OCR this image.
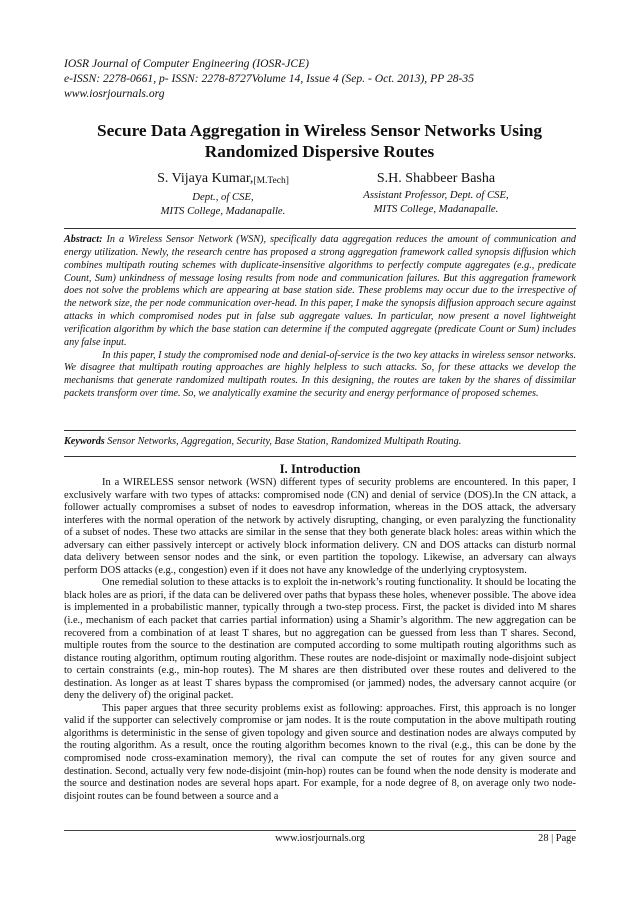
IOSR Journal of Computer Engineering (IOSR-JCE)
e-ISSN: 2278-0661, p- ISSN: 2278-8727Volume 14, Issue 4 (Sep. - Oct. 2013), PP 28-35
www.iosrjournals.org
Secure Data Aggregation in Wireless Sensor Networks Using
Randomized Dispersive Routes
S. Vijaya $Kumar,_{[M.Tech]}$
Dept., of CSE,
MITS College, Madanapalle.
S.H. Shabbeer Basha
Assistant Professor, Dept. of CSE,
MITS College, Madanapalle.

Abstract: In a Wireless Sensor Network (WSN), specifically data aggregation reduces the amount of communication and energy utilization. Newly, the research centre has proposed a strong aggregation framework called synopsis diffusion which combines multipath routing schemes with duplicate-insensitive algorithms to perfectly compute aggregates (e.g., predicate Count, Sum) unkindness of message losing results from node and communication failures. But this aggregation framework does not solve the problems which are appearing at base station side. These problems may occur due to the irrespective of the network size, the per node communication over-head. In this paper, I make the synopsis diffusion approach secure against attacks in which compromised nodes put in false sub aggregate values. In particular, now present a novel lightweight verification algorithm by which the base station can determine if the computed aggregate (predicate Count or Sum) includes any false input.

In this paper, I study the compromised node and denial-of-service is the two key attacks in wireless sensor networks. We disagree that multipath routing approaches are highly helpless to such attacks. So, for these attacks we develop the mechanisms that generate randomized multipath routes. In this designing, the routes are taken by the shares of dissimilar packets transform over time. So, we analytically examine the security and energy performance of proposed schemes.

Keywords Sensor Networks, Aggregation, Security, Base Station, Randomized Multipath Routing.
I. Introduction

In a WIRELESS sensor network (WSN) different types of security problems are encountered. In this paper, I exclusively warfare with two types of attacks: compromised node (CN) and denial of service (DOS).In the CN attack, a follower actually compromises a subset of nodes to eavesdrop information, whereas in the DOS attack, the adversary interferes with the normal operation of the network by actively disrupting, changing, or even paralyzing the functionality of a subset of nodes. These two attacks are similar in the sense that they both generate black holes: areas within which the adversary can either passively intercept or actively block information delivery. CN and DOS attacks can disturb normal data delivery between sensor nodes and the sink, or even partition the topology. Likewise, an adversary can always perform DOS attacks (e.g., congestion) even if it does not have any knowledge of the underlying cryptosystem.

One remedial solution to these attacks is to exploit the in-network’s routing functionality. It should be locating the black holes are as priori, if the data can be delivered over paths that bypass these holes, whenever possible. The above idea is implemented in a probabilistic manner, typically through a two-step process. First, the packet is divided into M shares (i.e., mechanism of each packet that carries partial information) using a Shamir’s algorithm. The new aggregation can be recovered from a combination of at least T shares, but no aggregation can be guessed from less than T shares. Second, multiple routes from the source to the destination are computed according to some multipath routing algorithms such as distance routing algorithm, optimum routing algorithm. These routes are node-disjoint or maximally node-disjoint subject to certain constraints (e.g., min-hop routes). The M shares are then distributed over these routes and delivered to the destination. As longer as at least T shares bypass the compromised (or jammed) nodes, the adversary cannot acquire (or deny the delivery of) the original packet.

This paper argues that three security problems exist as following: approaches. First, this approach is no longer valid if the supporter can selectively compromise or jam nodes. It is the route computation in the above multipath routing algorithms is deterministic in the sense of given topology and given source and destination nodes are always computed by the routing algorithm. As a result, once the routing algorithm becomes known to the rival (e.g., this can be done by the compromised node cross-examination memory), the rival can compute the set of routes for any given source and destination. Second, actually very few node-disjoint (min-hop) routes can be found when the node density is moderate and the source and destination nodes are several hops apart. For example, for a node degree of 8, on average only two node-disjoint routes can be found between a source and a

www.iosrjournals.org	28 | Page
